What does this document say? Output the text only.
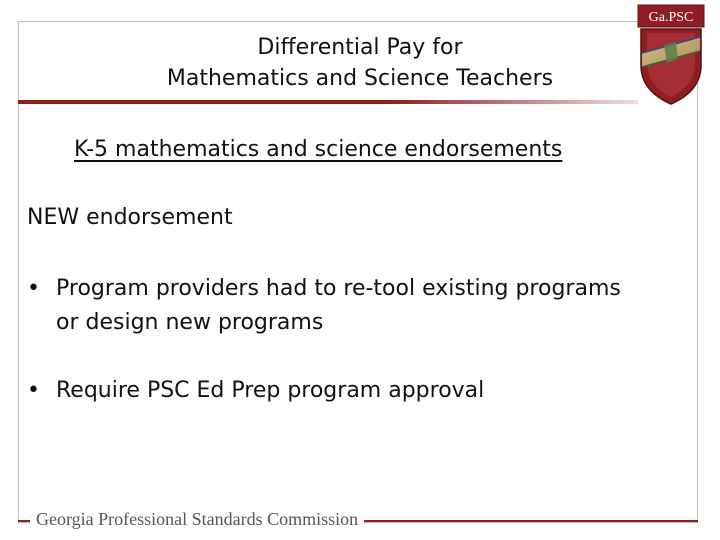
Differential Pay for
Mathematics and Science Teachers
Ga.PSC
K-5 mathematics and science endorsements
NEW endorsement
• Program providers had to re-tool existing programs or design new programs
• Require PSC Ed Prep program approval
Georgia Professional Standards Commission
